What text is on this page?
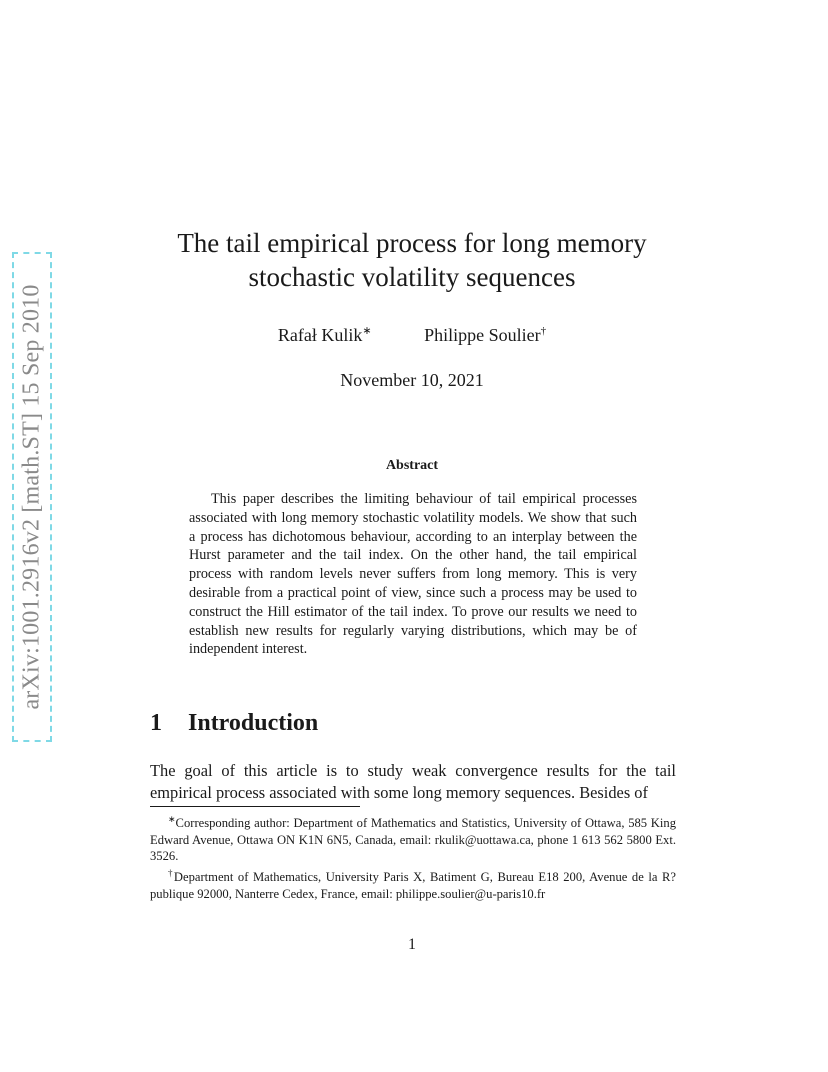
arXiv:1001.2916v2 [math.ST] 15 Sep 2010
The tail empirical process for long memory
stochastic volatility sequences
Rafał Kulik∗	Philippe Soulier†
November 10, 2021
Abstract

This paper describes the limiting behaviour of tail empirical processes associated with long memory stochastic volatility models. We show that such a process has dichotomous behaviour, according to an interplay between the Hurst parameter and the tail index. On the other hand, the tail empirical process with random levels never suffers from long memory. This is very desirable from a practical point of view, since such a process may be used to construct the Hill estimator of the tail index. To prove our results we need to establish new results for regularly varying distributions, which may be of independent interest.

1 Introduction

The goal of this article is to study weak convergence results for the tail empirical process associated with some long memory sequences. Besides of

∗Corresponding author: Department of Mathematics and Statistics, University of Ottawa, 585 King Edward Avenue, Ottawa ON K1N 6N5, Canada, email: rkulik@uottawa.ca, phone 1 613 562 5800 Ext. 3526.

†Department of Mathematics, University Paris X, Batiment G, Bureau E18 200, Avenue de la R?publique 92000, Nanterre Cedex, France, email: philippe.soulier@u-paris10.fr

1
